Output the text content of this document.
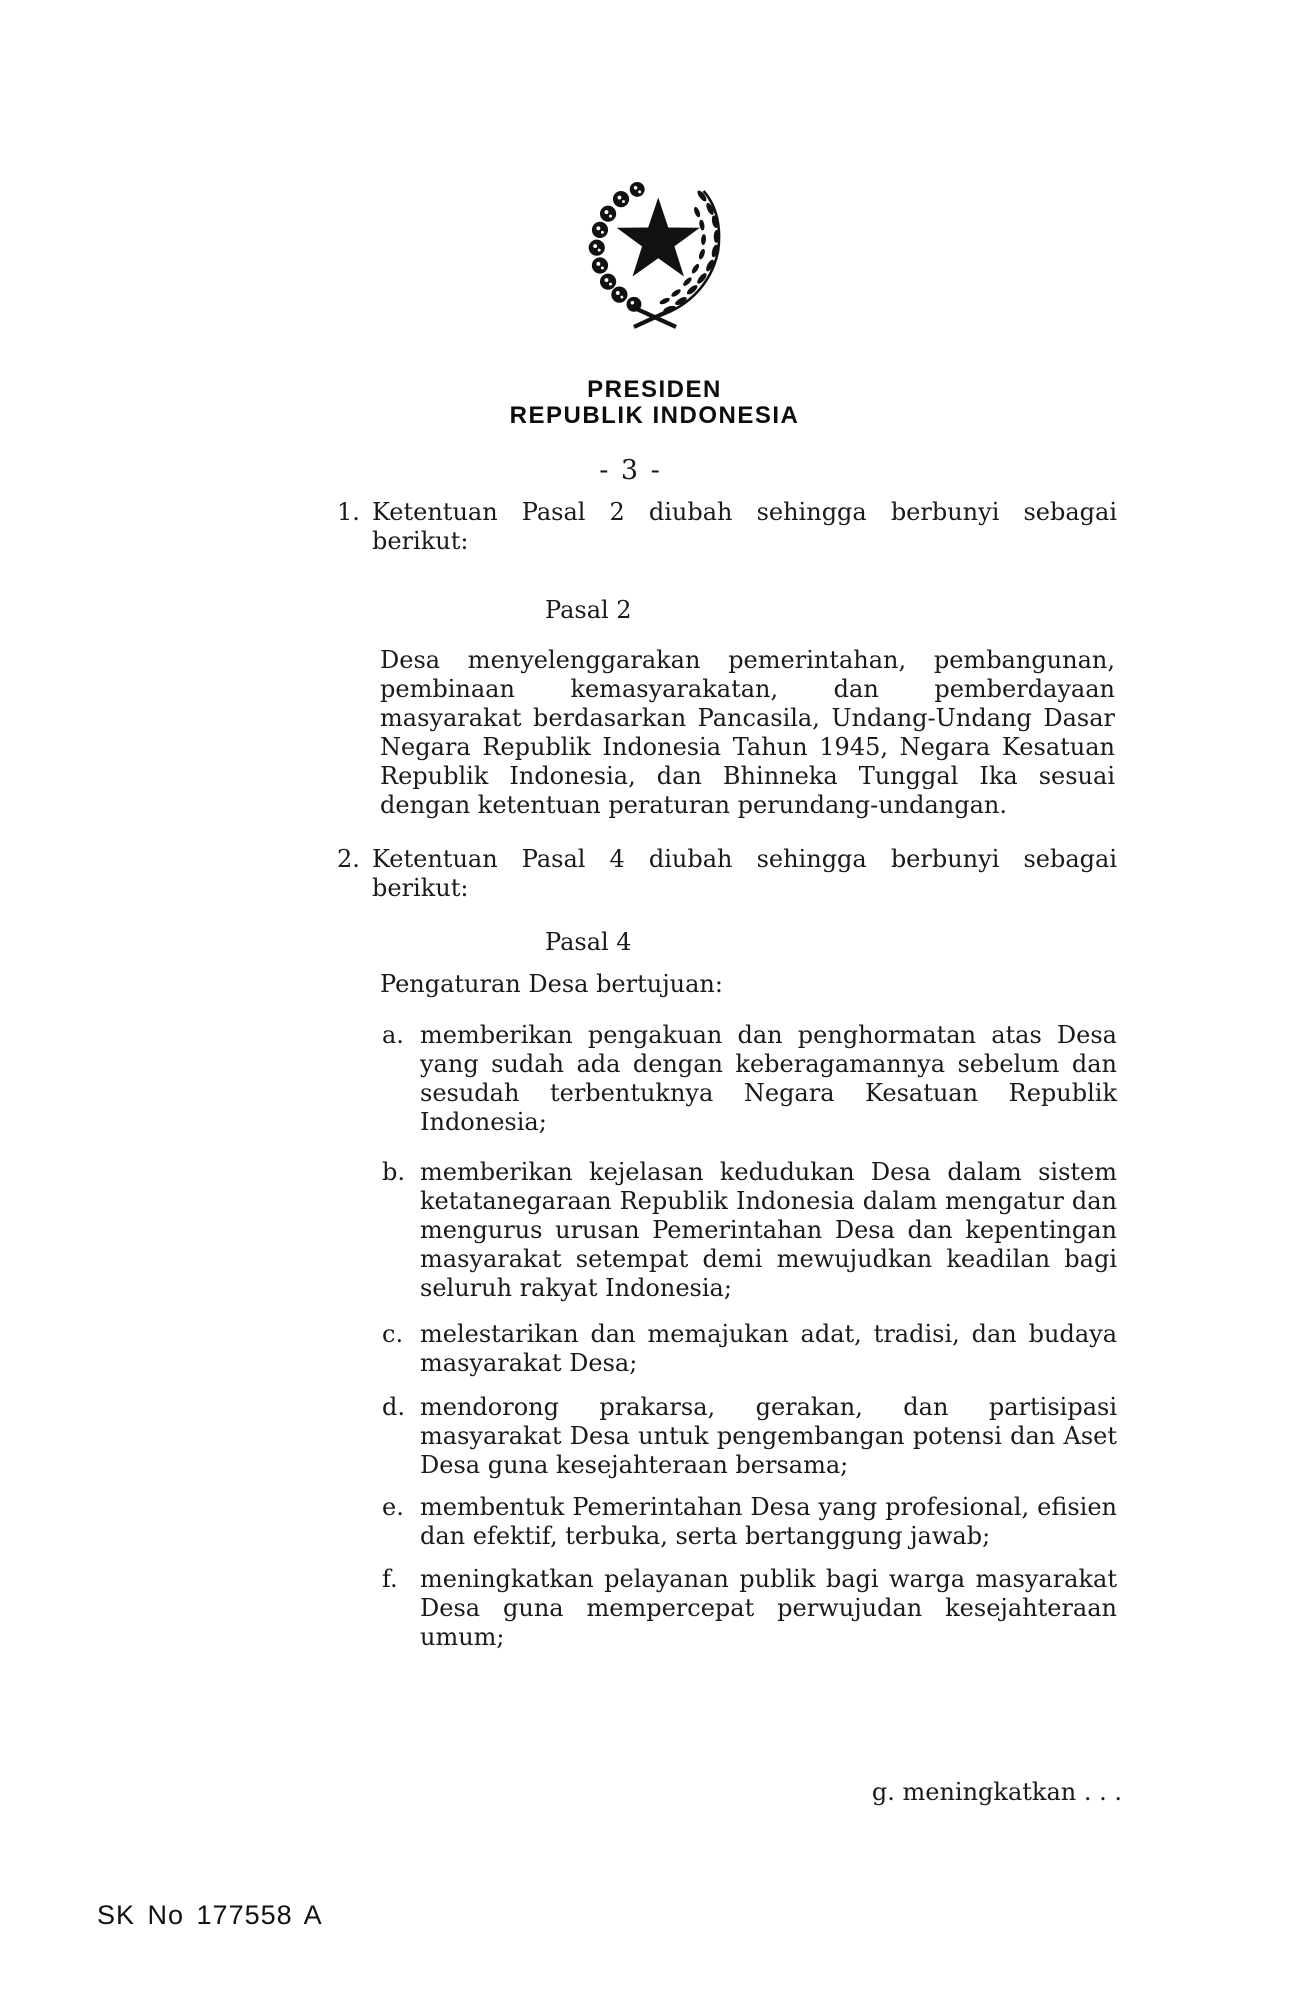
PRESIDEN
REPUBLIK INDONESIA
- 3 -
1. Ketentuan Pasal 2 diubah sehingga berbunyi sebagai berikut:
Pasal 2
Desa menyelenggarakan pemerintahan, pembangunan, pembinaan kemasyarakatan, dan pemberdayaan masyarakat berdasarkan Pancasila, Undang-Undang Dasar Negara Republik Indonesia Tahun 1945, Negara Kesatuan Republik Indonesia, dan Bhinneka Tunggal Ika sesuai dengan ketentuan peraturan perundang-undangan.
2. Ketentuan Pasal 4 diubah sehingga berbunyi sebagai berikut:
Pasal 4
Pengaturan Desa bertujuan:
a. memberikan pengakuan dan penghormatan atas Desa yang sudah ada dengan keberagamannya sebelum dan sesudah terbentuknya Negara Kesatuan Republik Indonesia;
b. memberikan kejelasan kedudukan Desa dalam sistem ketatanegaraan Republik Indonesia dalam mengatur dan mengurus urusan Pemerintahan Desa dan kepentingan masyarakat setempat demi mewujudkan keadilan bagi seluruh rakyat Indonesia;
c. melestarikan dan memajukan adat, tradisi, dan budaya masyarakat Desa;
d. mendorong prakarsa, gerakan, dan partisipasi masyarakat Desa untuk pengembangan potensi dan Aset Desa guna kesejahteraan bersama;
e. membentuk Pemerintahan Desa yang profesional, efisien dan efektif, terbuka, serta bertanggung jawab;
f. meningkatkan pelayanan publik bagi warga masyarakat Desa guna mempercepat perwujudan kesejahteraan umum;
g. meningkatkan . . .
SK No 177558 A
